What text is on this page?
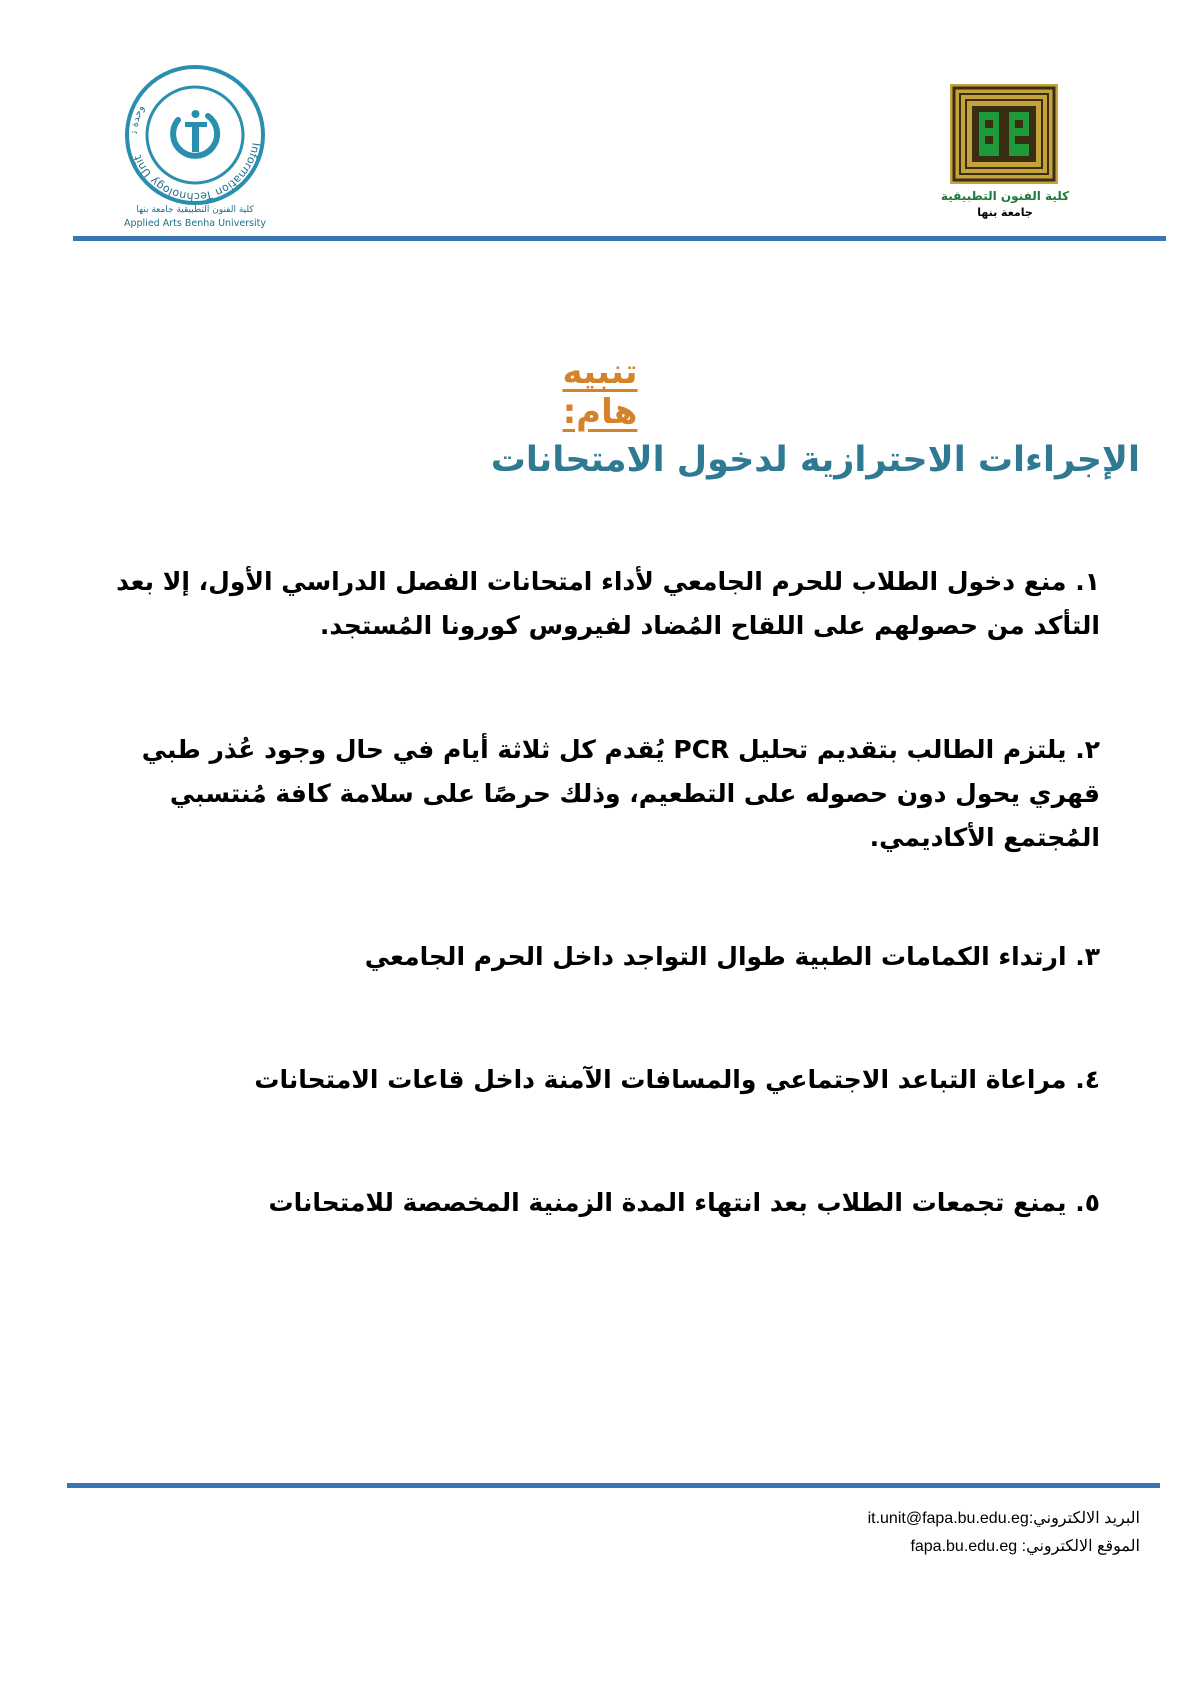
Information Technology Unit
وحدة ت
كلية الفنون التطبيقية جامعة بنها
Applied Arts Benha University
كلية الفنون التطبيقية
جامعة بنها
تنبيه هام:
الإجراءات الاحترازية لدخول الامتحانات
١. منع دخول الطلاب للحرم الجامعي لأداء امتحانات الفصل الدراسي الأول، إلا بعد التأكد من حصولهم على اللقاح المُضاد لفيروس كورونا المُستجد.
٢. يلتزم الطالب بتقديم تحليل PCR يُقدم كل ثلاثة أيام في حال وجود عُذر طبي قهري يحول دون حصوله على التطعيم، وذلك حرصًا على سلامة كافة مُنتسبي المُجتمع الأكاديمي.
٣. ارتداء الكمامات الطبية طوال التواجد داخل الحرم الجامعي
٤. مراعاة التباعد الاجتماعي والمسافات الآمنة داخل قاعات الامتحانات
٥. يمنع تجمعات الطلاب بعد انتهاء المدة الزمنية المخصصة للامتحانات
البريد الالكتروني:it.unit@fapa.bu.edu.eg
الموقع الالكتروني: fapa.bu.edu.eg
